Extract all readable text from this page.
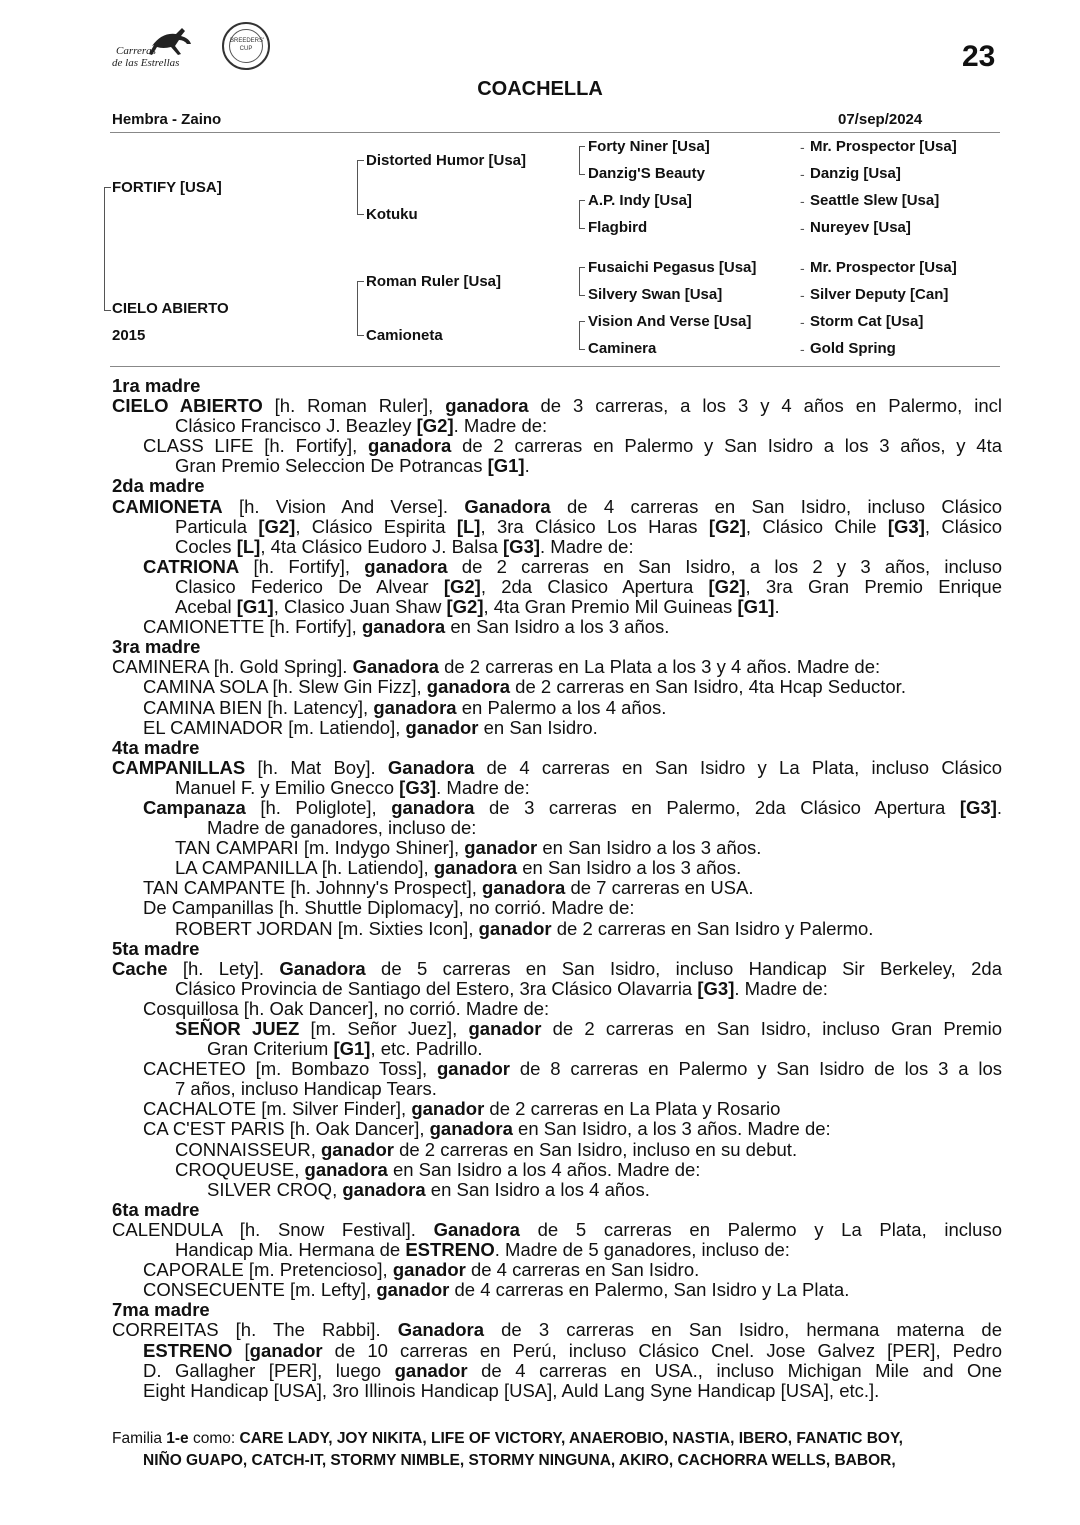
Carreras
de las Estrellas
BREEDERS' CUP	23
COACHELLA
Hembra - Zaino	07/sep/2024
FORTIFY [USA]
CIELO ABIERTO
2015
Distorted Humor [Usa]
Kotuku
Roman Ruler [Usa]
Camioneta
Forty Niner [Usa]
Danzig'S Beauty
A.P. Indy [Usa]
Flagbird
Fusaichi Pegasus [Usa]
Silvery Swan [Usa]
Vision And Verse [Usa]
Caminera
-
-
-
-
-
-
-
-
Mr. Prospector [Usa]
Danzig [Usa]
Seattle Slew [Usa]
Nureyev [Usa]
Mr. Prospector [Usa]
Silver Deputy [Can]
Storm Cat [Usa]
Gold Spring
1ra madre
CIELO ABIERTO [h. Roman Ruler], ganadora de 3 carreras, a los 3 y 4 años en Palermo, incl
Clásico Francisco J. Beazley [G2]. Madre de:
CLASS LIFE [h. Fortify], ganadora de 2 carreras en Palermo y San Isidro a los 3 años, y 4ta
Gran Premio Seleccion De Potrancas [G1].
2da madre
CAMIONETA [h. Vision And Verse]. Ganadora de 4 carreras en San Isidro, incluso Clásico
Particula [G2], Clásico Espirita [L], 3ra Clásico Los Haras [G2], Clásico Chile [G3], Clásico
Cocles [L], 4ta Clásico Eudoro J. Balsa [G3]. Madre de:
CATRIONA [h. Fortify], ganadora de 2 carreras en San Isidro, a los 2 y 3 años, incluso
Clasico Federico De Alvear [G2], 2da Clasico Apertura [G2], 3ra Gran Premio Enrique
Acebal [G1], Clasico Juan Shaw [G2], 4ta Gran Premio Mil Guineas [G1].
CAMIONETTE [h. Fortify], ganadora en San Isidro a los 3 años.
3ra madre
CAMINERA [h. Gold Spring]. Ganadora de 2 carreras en La Plata a los 3 y 4 años. Madre de:
CAMINA SOLA [h. Slew Gin Fizz], ganadora de 2 carreras en San Isidro, 4ta Hcap Seductor.
CAMINA BIEN [h. Latency], ganadora en Palermo a los 4 años.
EL CAMINADOR [m. Latiendo], ganador en San Isidro.
4ta madre
CAMPANILLAS [h. Mat Boy]. Ganadora de 4 carreras en San Isidro y La Plata, incluso Clásico
Manuel F. y Emilio Gnecco [G3]. Madre de:
Campanaza [h. Poliglote], ganadora de 3 carreras en Palermo, 2da Clásico Apertura [G3].
Madre de ganadores, incluso de:
TAN CAMPARI [m. Indygo Shiner], ganador en San Isidro a los 3 años.
LA CAMPANILLA [h. Latiendo], ganadora en San Isidro a los 3 años.
TAN CAMPANTE [h. Johnny's Prospect], ganadora de 7 carreras en USA.
De Campanillas [h. Shuttle Diplomacy], no corrió. Madre de:
ROBERT JORDAN [m. Sixties Icon], ganador de 2 carreras en San Isidro y Palermo.
5ta madre
Cache [h. Lety]. Ganadora de 5 carreras en San Isidro, incluso Handicap Sir Berkeley, 2da
Clásico Provincia de Santiago del Estero, 3ra Clásico Olavarria [G3]. Madre de:
Cosquillosa [h. Oak Dancer], no corrió. Madre de:
SEÑOR JUEZ [m. Señor Juez], ganador de 2 carreras en San Isidro, incluso Gran Premio
Gran Criterium [G1], etc. Padrillo.
CACHETEO [m. Bombazo Toss], ganador de 8 carreras en Palermo y San Isidro de los 3 a los
7 años, incluso Handicap Tears.
CACHALOTE [m. Silver Finder], ganador de 2 carreras en La Plata y Rosario
CA C'EST PARIS [h. Oak Dancer], ganadora en San Isidro, a los 3 años. Madre de:
CONNAISSEUR, ganador de 2 carreras en San Isidro, incluso en su debut.
CROQUEUSE, ganadora en San Isidro a los 4 años. Madre de:
SILVER CROQ, ganadora en San Isidro a los 4 años.
6ta madre
CALENDULA [h. Snow Festival]. Ganadora de 5 carreras en Palermo y La Plata, incluso
Handicap Mia. Hermana de ESTRENO. Madre de 5 ganadores, incluso de:
CAPORALE [m. Pretencioso], ganador de 4 carreras en San Isidro.
CONSECUENTE [m. Lefty], ganador de 4 carreras en Palermo, San Isidro y La Plata.
7ma madre
CORREITAS [h. The Rabbi]. Ganadora de 3 carreras en San Isidro, hermana materna de
ESTRENO [ganador de 10 carreras en Perú, incluso Clásico Cnel. Jose Galvez [PER], Pedro
D. Gallagher [PER], luego ganador de 4 carreras en USA., incluso Michigan Mile and One
Eight Handicap [USA], 3ro Illinois Handicap [USA], Auld Lang Syne Handicap [USA], etc.].
Familia 1-e como: CARE LADY, JOY NIKITA, LIFE OF VICTORY, ANAEROBIO, NASTIA, IBERO, FANATIC BOY,
NIÑO GUAPO, CATCH-IT, STORMY NIMBLE, STORMY NINGUNA, AKIRO, CACHORRA WELLS, BABOR,
